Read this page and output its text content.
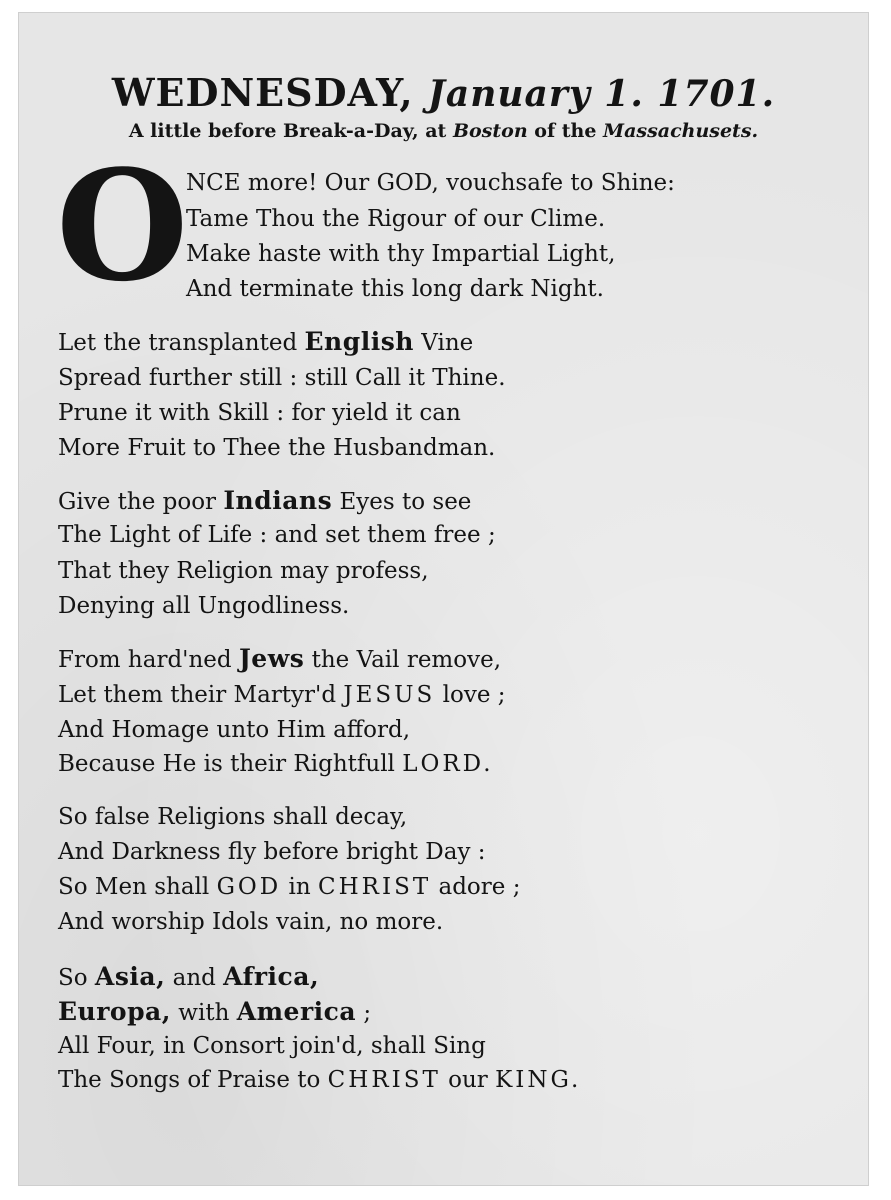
WEDNESDAY, January 1. 1701.
A little before Break-a-Day, at Boston of the Massachusets.
O
NCE more! Our GOD, vouchsafe to Shine:
Tame Thou the Rigour of our Clime.
Make haste with thy Impartial Light,
And terminate this long dark Night.
Let the transplanted English Vine
Spread further still : still Call it Thine.
Prune it with Skill : for yield it can
More Fruit to Thee the Husbandman.
Give the poor Indians Eyes to see
The Light of Life : and set them free ;
That they Religion may profess,
Denying all Ungodliness.
From hard'ned Jews the Vail remove,
Let them their Martyr'd JESUS love ;
And Homage unto Him afford,
Because He is their Rightfull LORD.
So false Religions shall decay,
And Darkness fly before bright Day :
So Men shall GOD in CHRIST adore ;
And worship Idols vain, no more.
So Asia, and Africa,
Europa, with America ;
All Four, in Consort join'd, shall Sing
The Songs of Praise to CHRIST our KING.
